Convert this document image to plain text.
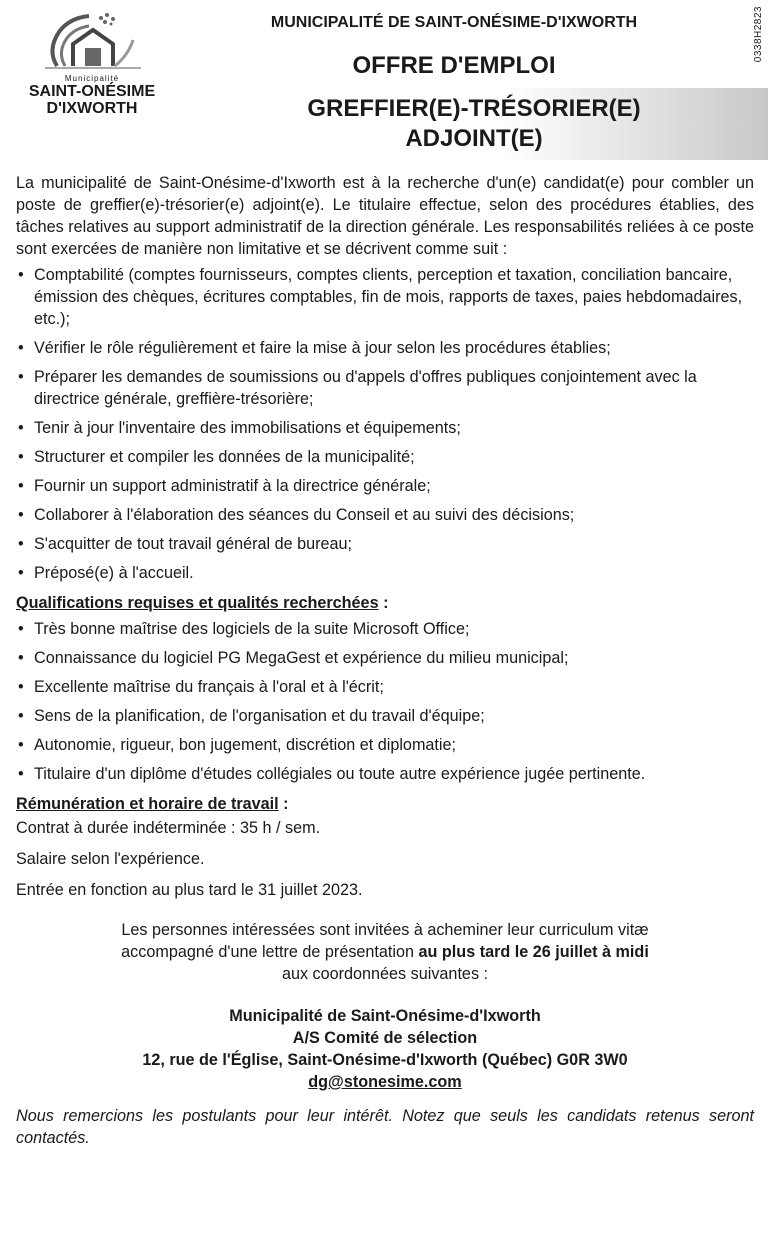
Municipalité
SAINT-ONÉSIME
D'IXWORTH
MUNICIPALITÉ DE SAINT-ONÉSIME-D'IXWORTH
OFFRE D'EMPLOI
GREFFIER(E)-TRÉSORIER(E)
ADJOINT(E)
0338H2823

La municipalité de Saint-Onésime-d'Ixworth est à la recherche d'un(e) candidat(e) pour combler un poste de greffier(e)-trésorier(e) adjoint(e). Le titulaire effectue, selon des procédures établies, des tâches relatives au support administratif de la direction générale. Les responsabilités reliées à ce poste sont exercées de manière non limitative et se décrivent comme suit :

• Comptabilité (comptes fournisseurs, comptes clients, perception et taxation, conciliation bancaire, émission des chèques, écritures comptables, fin de mois, rapports de taxes, paies hebdomadaires, etc.);
• Vérifier le rôle régulièrement et faire la mise à jour selon les procédures établies;
• Préparer les demandes de soumissions ou d'appels d'offres publiques conjointement avec la directrice générale, greffière-trésorière;
• Tenir à jour l'inventaire des immobilisations et équipements;
• Structurer et compiler les données de la municipalité;
• Fournir un support administratif à la directrice générale;
• Collaborer à l'élaboration des séances du Conseil et au suivi des décisions;
• S'acquitter de tout travail général de bureau;
• Préposé(e) à l'accueil.
Qualifications requises et qualités recherchées :
• Très bonne maîtrise des logiciels de la suite Microsoft Office;
• Connaissance du logiciel PG MegaGest et expérience du milieu municipal;
• Excellente maîtrise du français à l'oral et à l'écrit;
• Sens de la planification, de l'organisation et du travail d'équipe;
• Autonomie, rigueur, bon jugement, discrétion et diplomatie;
• Titulaire d'un diplôme d'études collégiales ou toute autre expérience jugée pertinente.
Rémunération et horaire de travail :
Contrat à durée indéterminée : 35 h / sem.
Salaire selon l'expérience.
Entrée en fonction au plus tard le 31 juillet 2023.
Les personnes intéressées sont invitées à acheminer leur curriculum vitæ
accompagné d'une lettre de présentation au plus tard le 26 juillet à midi
aux coordonnées suivantes :
Municipalité de Saint-Onésime-d'Ixworth
A/S Comité de sélection
12, rue de l'Église, Saint-Onésime-d'Ixworth (Québec) G0R 3W0
dg@stonesime.com

Nous remercions les postulants pour leur intérêt. Notez que seuls les candidats retenus seront contactés.
